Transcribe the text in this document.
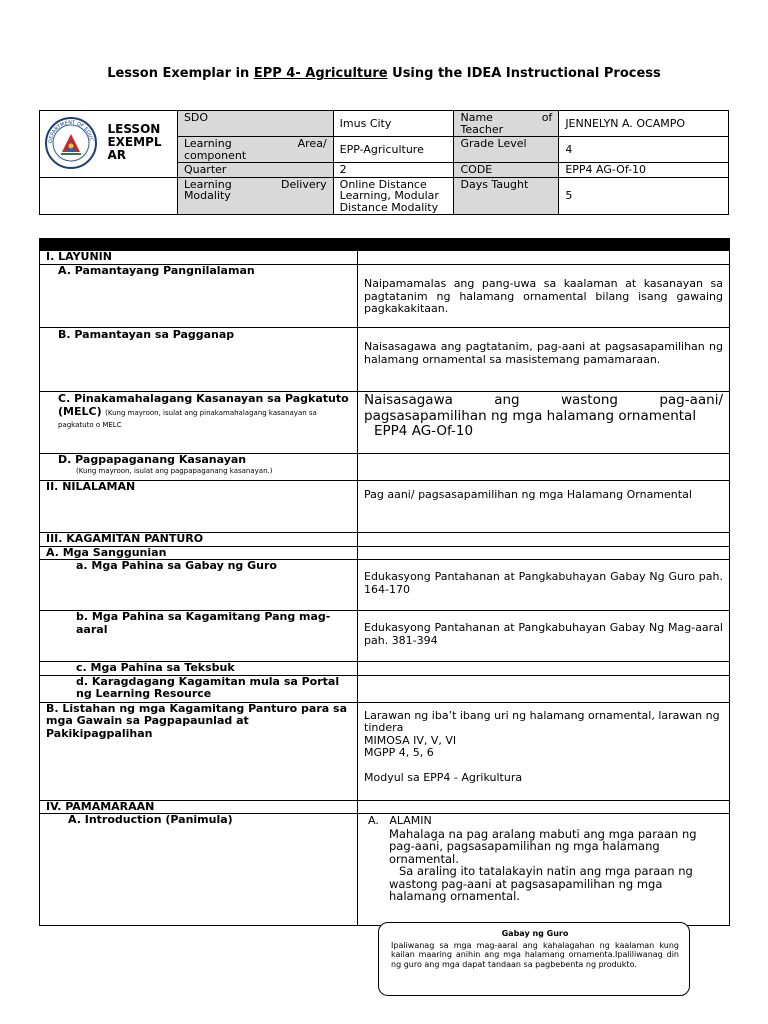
Lesson Exemplar in EPP 4- Agriculture Using the IDEA Instructional Process
DEPARTMENT OF EDUC	LESSON EXEMPL AR	SDO	Imus City	Name of Teacher	JENNELYN A. OCAMPO

		Learning Area/ component	EPP-Agriculture	Grade Level	4
		Quarter	2	CODE	EPP4 AG-Of-10

		Learning Delivery Modality	Online Distance Learning, Modular Distance Modality	Days Taught	5

I. LAYUNIN	
A. Pamantayang Pangnilalaman	Naipamamalas ang pang-uwa sa kaalaman at kasanayan sa pagtatanim ng halamang ornamental bilang isang gawaing pagkakakitaan.
B. Pamantayan sa Pagganap	Naisasagawa ang pagtatanim, pag-aani at pagsasapamilihan ng halamang ornamental sa masistemang pamamaraan.
C. Pinakamahalagang Kasanayan sa Pagkatuto (MELC) (Kung mayroon, isulat ang pinakamahalagang kasanayan sa pagkatuto o MELC	Naisasagawa ang wastong pag-aani/ pagsasapamilihan ng mga halamang ornamental
EPP4 AG-Of-10

D. Pagpapaganang Kasanayan
(Kung mayroon, isulat ang pagpapaganang kasanayan.)	

II. NILALAMAN	Pag aani/ pagsasapamilihan ng mga Halamang Ornamental
III. KAGAMITAN PANTURO	
A. Mga Sanggunian	
a. Mga Pahina sa Gabay ng Guro	Edukasyong Pantahanan at Pangkabuhayan Gabay Ng Guro pah. 164-170
b. Mga Pahina sa Kagamitang Pang mag-aaral	Edukasyong Pantahanan at Pangkabuhayan Gabay Ng Mag-aaral pah. 381-394
c. Mga Pahina sa Teksbuk	
d. Karagdagang Kagamitan mula sa Portal ng Learning Resource	
B. Listahan ng mga Kagamitang Panturo para sa mga Gawain sa Pagpapaunlad at Pakikipagpalihan	Larawan ng iba’t ibang uri ng halamang ornamental, larawan ng tindera
MIMOSA IV, V, VI
MGPP 4, 5, 6
Modyul sa EPP4 - Agrikultura

IV. PAMAMARAAN	
A. Introduction (Panimula)	A. ALAMIN
Mahalaga na pag aralang mabuti ang mga paraan ng pag-aani, pagsasapamilihan ng mga halamang ornamental.
Sa araling ito tatalakayin natin ang mga paraan ng wastong pag-aani at pagsasapamilihan ng mga halamang ornamental.
Gabay ng Guro
Ipaliwanag sa mga mag-aaral ang kahalagahan ng kaalaman kung kailan maaring anihin ang mga halamang ornamenta.Ipaliliwanag din ng guro ang mga dapat tandaan sa pagbebenta ng produkto.
